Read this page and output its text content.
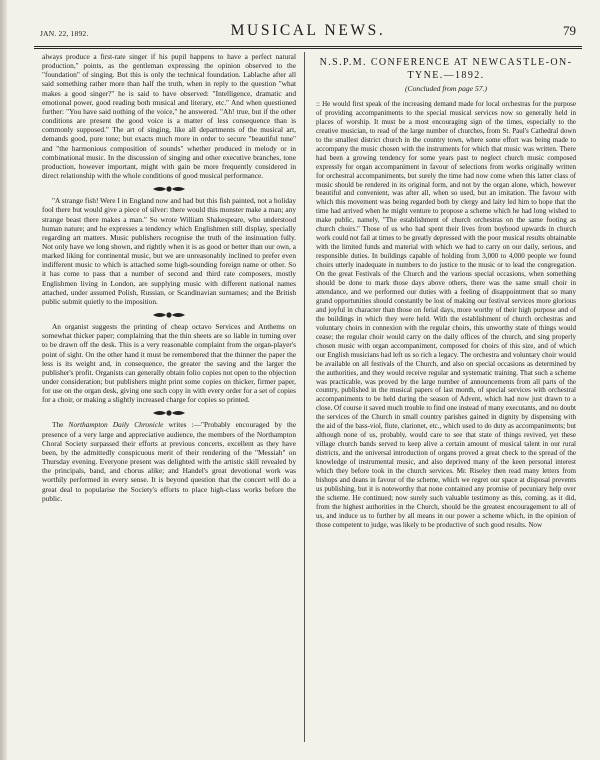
JAN. 22, 1892.	MUSICAL NEWS.	79

always produce a first-rate singer if his pupil happens to have a perfect natural production," points, as the gentleman expressing the opinion observed to the "foundation" of singing. But this is only the technical foundation. Lablache after all said something rather more than half the truth, when in reply to the question "what makes a good singer?" he is said to have observed: "Intelligence, dramatic and emotional power, good reading both musical and literary, etc." And when questioned further: "You have said nothing of the voice," he answered. "Ah! true, but if the other conditions are present the good voice is a matter of less consequence than is commonly supposed." The art of singing, like all departments of the musical art, demands good, pure tone; but exacts much more in order to secure "beautiful tune" and "the harmonious composition of sounds" whether produced in melody or in combinational music. In the discussion of singing and other executive branches, tone production, however important, might with gain be more frequently considered in direct relationship with the whole conditions of good musical performance.

"A strange fish! Were I in England now and had but this fish painted, not a holiday fool there but would give a piece of silver: there would this monster make a man; any strange beast there makes a man." So wrote William Shakespeare, who understood human nature; and he expresses a tendency which Englishmen still display, specially regarding art matters. Music publishers recognise the truth of the insinuation fully. Not only have we long shown, and rightly when it is as good or better than our own, a marked liking for continental music, but we are unreasonably inclined to prefer even indifferent music to which is attached some high-sounding foreign name or other. So it has come to pass that a number of second and third rate composers, mostly Englishmen living in London, are supplying music with different national names attached, under assumed Polish, Russian, or Scandinavian surnames; and the British public submit quietly to the imposition.

An organist suggests the printing of cheap octavo Services and Anthems on somewhat thicker paper; complaining that the thin sheets are so liable in turning over to be drawn off the desk. This is a very reasonable complaint from the organ-player's point of sight. On the other hand it must be remembered that the thinner the paper the less is its weight and, in consequence, the greater the saving and the larger the publisher's profit. Organists can generally obtain folio copies not open to the objection under consideration; but publishers might print some copies on thicker, firmer paper, for use on the organ desk, giving one such copy in with every order for a set of copies for a choir, or making a slightly increased charge for copies so printed.

The Northampton Daily Chronicle writes :—"Probably encouraged by the presence of a very large and appreciative audience, the members of the Northampton Choral Society surpassed their efforts at previous concerts, excellent as they have been, by the admittedly conspicuous merit of their rendering of the "Messiah" on Thursday evening. Everyone present was delighted with the artistic skill revealed by the principals, band, and chorus alike; and Handel's great devotional work was worthily performed in every sense. It is beyond question that the concert will do a great deal to popularise the Society's efforts to place high-class works before the public.

N.S.P.M. CONFERENCE AT NEWCASTLE-ON-TYNE.—1892.
(Concluded from page 57.)

:: He would first speak of the increasing demand made for local orchestras for the purpose of providing accompaniments to the special musical services now so generally held in places of worship. It must be a most encouraging sign of the times, especially to the creative musician, to read of the large number of churches, from St. Paul's Cathedral down to the smallest district church in the country town, where some effort was being made to accompany the music chosen with the instruments for which that music was written. There had been a growing tendency for some years past to neglect church music composed expressly for organ accompaniment in favour of selections from works originally written for orchestral accompaniments, but surely the time had now come when this latter class of music should be rendered in its original form, and not by the organ alone, which, however beautiful and convenient, was after all, when so used, but an imitation. The favour with which this movement was being regarded both by clergy and laity led him to hope that the time had arrived when he might venture to propose a scheme which he had long wished to make public, namely, "The establishment of church orchestras on the same footing as church choirs." Those of us who had spent their lives from boyhood upwards in church work could not fail at times to be greatly depressed with the poor musical results obtainable with the limited funds and material with which we had to carry on our daily, serious, and responsible duties. In buildings capable of holding from 3,000 to 4,000 people we found choirs utterly inadequate in numbers to do justice to the music or to lead the congregation. On the great Festivals of the Church and the various special occasions, when something should be done to mark those days above others, there was the same small choir in attendance, and we performed our duties with a feeling of disappointment that so many grand opportunities should constantly be lost of making our festival services more glorious and joyful in character than those on ferial days, more worthy of their high purpose and of the buildings in which they were held. With the establishment of church orchestras and voluntary choirs in connexion with the regular choirs, this unworthy state of things would cease; the regular choir would carry on the daily offices of the church, and sing properly chosen music with organ accompaniment, composed for choirs of this size, and of which our English musicians had left us so rich a legacy. The orchestra and voluntary choir would be available on all festivals of the Church, and also on special occasions as determined by the authorities, and they would receive regular and systematic training. That such a scheme was practicable, was proved by the large number of announcements from all parts of the country, published in the musical papers of last month, of special services with orchestral accompaniments to be held during the season of Advent, which had now just drawn to a close. Of course it saved much trouble to find one instead of many executants, and no doubt the services of the Church in small country parishes gained in dignity by dispensing with the aid of the bass-viol, flute, clarionet, etc., which used to do duty as accompaniments; but although none of us, probably, would care to see that state of things revived, yet these village church bands served to keep alive a certain amount of musical talent in our rural districts, and the universal introduction of organs proved a great check to the spread of the knowledge of instrumental music, and also deprived many of the keen personal interest which they before took in the church services. Mr. Riseley then read many letters from bishops and deans in favour of the scheme, which we regret our space at disposal prevents us publishing, but it is noteworthy that none contained any promise of pecuniary help over the scheme. He continued; now surely such valuable testimony as this, coming, as it did, from the highest authorities in the Church, should be the greatest encouragement to all of us, and induce us to further by all means in our power a scheme which, in the opinion of those competent to judge, was likely to be productive of such good results. Now
